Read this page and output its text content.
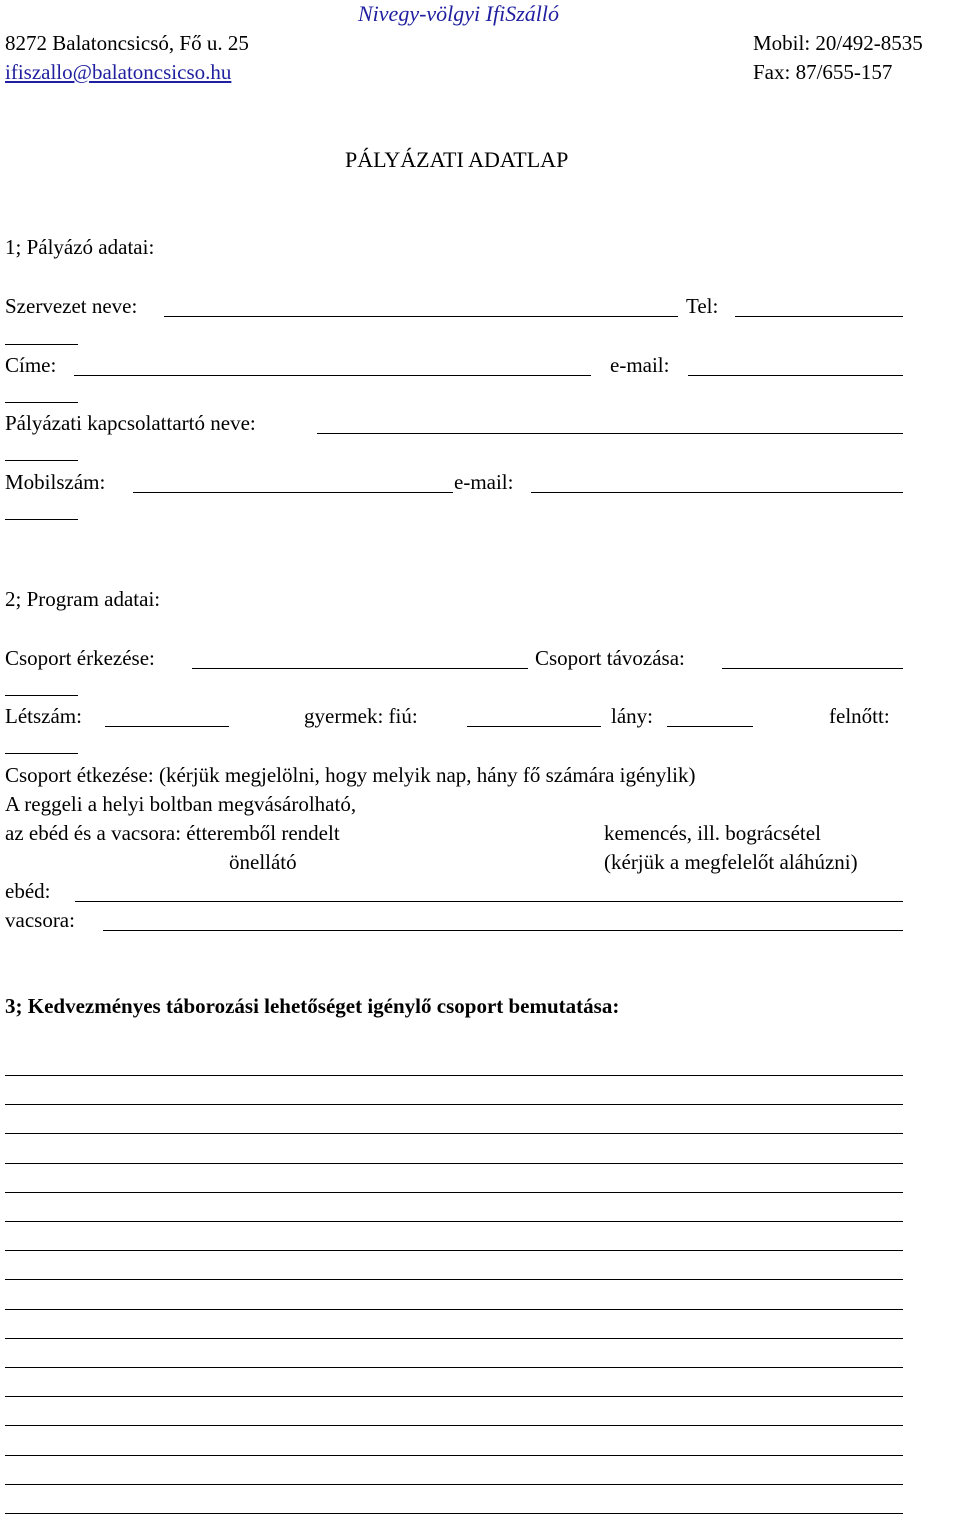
Nivegy-völgyi IfiSzálló
8272 Balatoncsicsó, Fő u. 25	Mobil: 20/492-8535
ifiszallo@balatoncsicso.hu	Fax: 87/655-157
PÁLYÁZATI ADATLAP
1; Pályázó adatai:
Szervezet neve:	Tel:
Címe:	e-mail:
Pályázati kapcsolattartó neve:
Mobilszám:	e-mail:
2; Program adatai:
Csoport érkezése:	Csoport távozása:
Létszám:	gyermek: fiú:	lány:	felnőtt:
Csoport étkezése: (kérjük megjelölni, hogy melyik nap, hány fő számára igénylik)
A reggeli a helyi boltban megvásárolható,
az ebéd és a vacsora: étteremből rendelt	kemencés, ill. bográcsétel
önellátó	(kérjük a megfelelőt aláhúzni)
ebéd:
vacsora:
3; Kedvezményes táborozási lehetőséget igénylő csoport bemutatása:
